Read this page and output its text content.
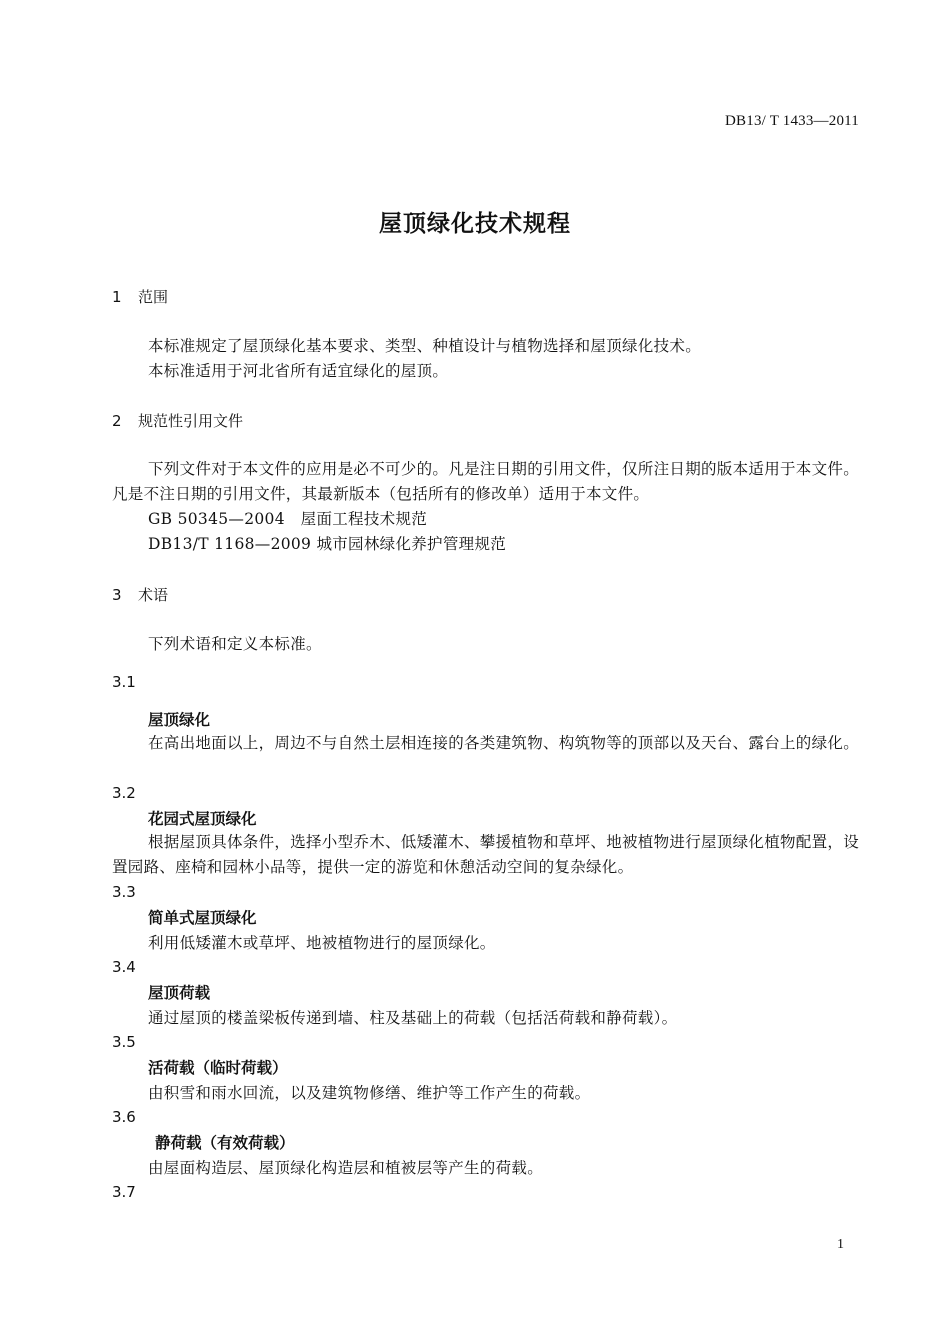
DB13/ T 1433—2011
屋顶绿化技术规程
1 范围
本标准规定了屋顶绿化基本要求、类型、种植设计与植物选择和屋顶绿化技术。
本标准适用于河北省所有适宜绿化的屋顶。
2 规范性引用文件
下列文件对于本文件的应用是必不可少的。凡是注日期的引用文件，仅所注日期的版本适用于本文件。凡是不注日期的引用文件，其最新版本（包括所有的修改单）适用于本文件。
GB 50345—2004　屋面工程技术规范
DB13/T 1168—2009 城市园林绿化养护管理规范
3 术语
下列术语和定义本标准。
3.1
屋顶绿化
在高出地面以上，周边不与自然土层相连接的各类建筑物、构筑物等的顶部以及天台、露台上的绿化。
3.2
花园式屋顶绿化
根据屋顶具体条件，选择小型乔木、低矮灌木、攀援植物和草坪、地被植物进行屋顶绿化植物配置，设置园路、座椅和园林小品等，提供一定的游览和休憩活动空间的复杂绿化。
3.3
简单式屋顶绿化
利用低矮灌木或草坪、地被植物进行的屋顶绿化。
3.4
屋顶荷载
通过屋顶的楼盖梁板传递到墙、柱及基础上的荷载（包括活荷载和静荷载）。
3.5
活荷载（临时荷载）
由积雪和雨水回流，以及建筑物修缮、维护等工作产生的荷载。
3.6
静荷载（有效荷载）
由屋面构造层、屋顶绿化构造层和植被层等产生的荷载。
3.7
1
